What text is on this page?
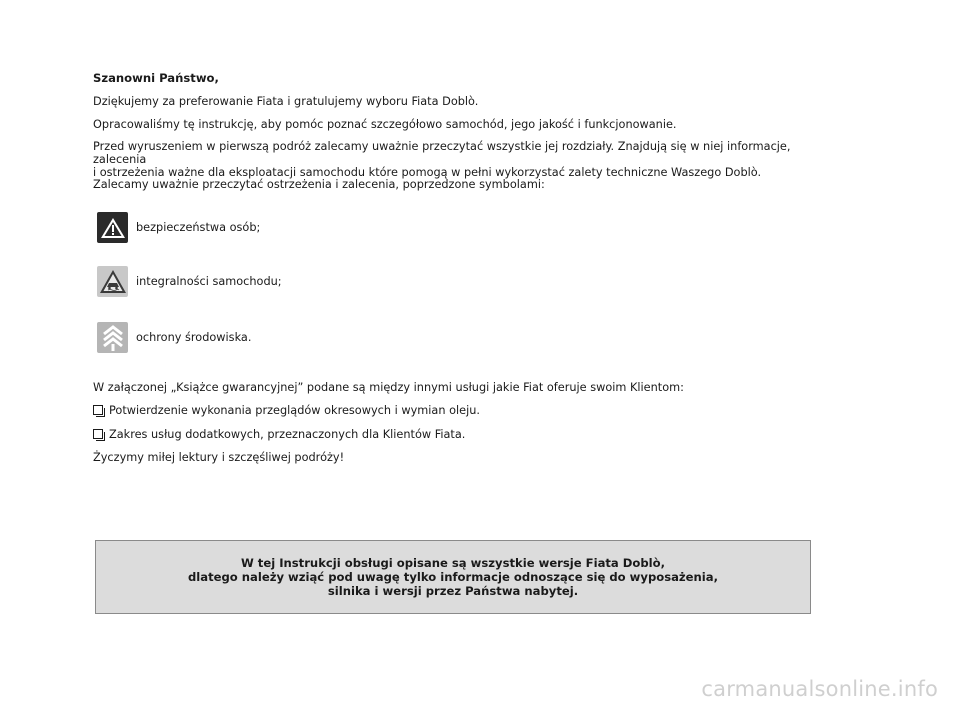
Szanowni Państwo,

Dziękujemy za preferowanie Fiata i gratulujemy wyboru Fiata Doblò.

Opracowaliśmy tę instrukcję, aby pomóc poznać szczegółowo samochód, jego jakość i funkcjonowanie.

Przed wyruszeniem w pierwszą podróż zalecamy uważnie przeczytać wszystkie jej rozdziały. Znajdują się w niej informacje, zalecenia

i ostrzeżenia ważne dla eksploatacji samochodu które pomogą w pełni wykorzystać zalety techniczne Waszego Doblò.

Zalecamy uważnie przeczytać ostrzeżenia i zalecenia, poprzedzone symbolami:

bezpieczeństwa osób;
integralności samochodu;
ochrony środowiska.

W załączonej „Książce gwarancyjnej” podane są między innymi usługi jakie Fiat oferuje swoim Klientom:

Potwierdzenie wykonania przeglądów okresowych i wymian oleju.

Zakres usług dodatkowych, przeznaczonych dla Klientów Fiata.

Życzymy miłej lektury i szczęśliwej podróży!

W tej Instrukcji obsługi opisane są wszystkie wersje Fiata Doblò,
dlatego należy wziąć pod uwagę tylko informacje odnoszące się do wyposażenia,
silnika i wersji przez Państwa nabytej.
carmanualsonline.info
